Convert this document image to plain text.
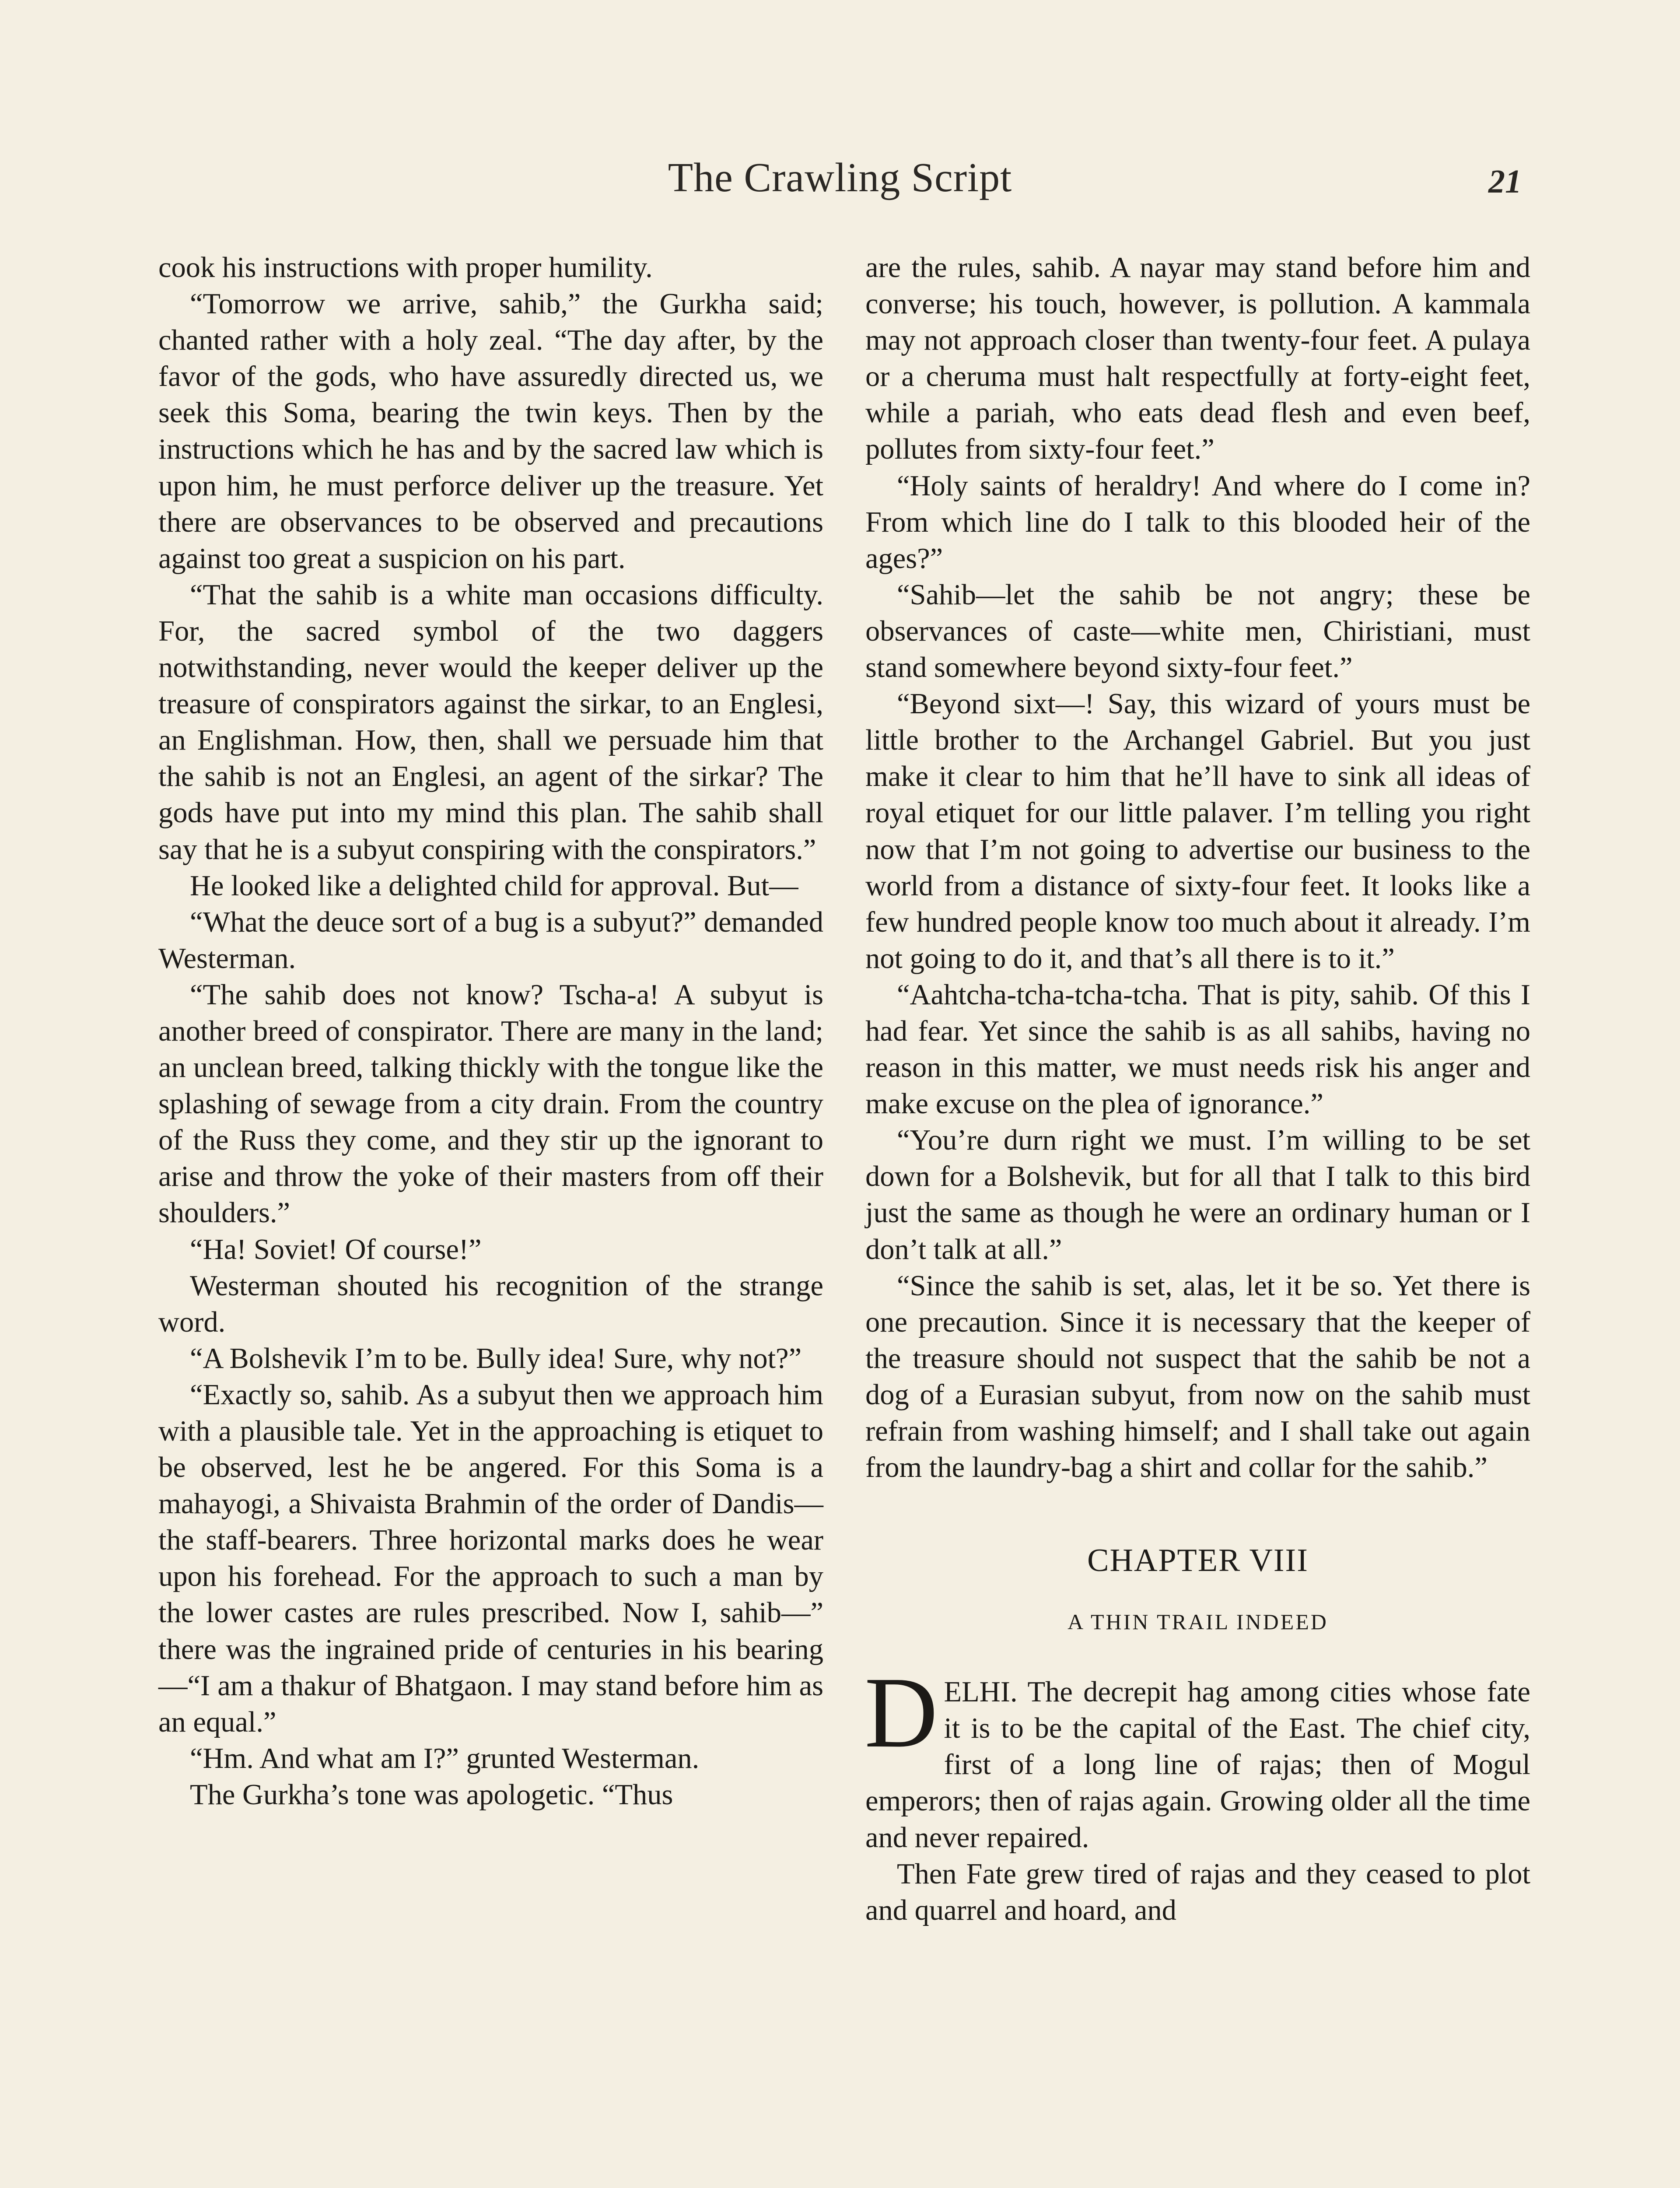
The Crawling Script	21

cook his instructions with proper humility.

“Tomorrow we arrive, sahib,” the Gurkha said; chanted rather with a holy zeal. “The day after, by the favor of the gods, who have assuredly directed us, we seek this Soma, bearing the twin keys. Then by the instructions which he has and by the sacred law which is upon him, he must perforce deliver up the treasure. Yet there are observances to be observed and precautions against too great a suspicion on his part.

“That the sahib is a white man occasions difficulty. For, the sacred symbol of the two daggers notwithstanding, never would the keeper deliver up the treasure of conspirators against the sirkar, to an Englesi, an Englishman. How, then, shall we persuade him that the sahib is not an Englesi, an agent of the sirkar? The gods have put into my mind this plan. The sahib shall say that he is a subyut conspiring with the conspirators.”

He looked like a delighted child for approval. But—

“What the deuce sort of a bug is a subyut?” demanded Westerman.

“The sahib does not know? Tscha-a! A subyut is another breed of conspirator. There are many in the land; an unclean breed, talking thickly with the tongue like the splashing of sewage from a city drain. From the country of the Russ they come, and they stir up the ignorant to arise and throw the yoke of their masters from off their shoulders.”

“Ha! Soviet! Of course!”

Westerman shouted his recognition of the strange word.

“A Bolshevik I’m to be. Bully idea! Sure, why not?”

“Exactly so, sahib. As a subyut then we approach him with a plausible tale. Yet in the approaching is etiquet to be observed, lest he be angered. For this Soma is a mahayogi, a Shivaista Brahmin of the order of Dandis—the staff-bearers. Three horizontal marks does he wear upon his forehead. For the approach to such a man by the lower castes are rules prescribed. Now I, sahib—” there was the ingrained pride of centuries in his bearing—“I am a thakur of Bhatgaon. I may stand before him as an equal.”

“Hm. And what am I?” grunted Westerman.

The Gurkha’s tone was apologetic. “Thus

are the rules, sahib. A nayar may stand before him and converse; his touch, however, is pollution. A kammala may not approach closer than twenty-four feet. A pulaya or a cheruma must halt respectfully at forty-eight feet, while a pariah, who eats dead flesh and even beef, pollutes from sixty-four feet.”

“Holy saints of heraldry! And where do I come in? From which line do I talk to this blooded heir of the ages?”

“Sahib—let the sahib be not angry; these be observances of caste—white men, Chiristiani, must stand somewhere beyond sixty-four feet.”

“Beyond sixt—! Say, this wizard of yours must be little brother to the Archangel Gabriel. But you just make it clear to him that he’ll have to sink all ideas of royal etiquet for our little palaver. I’m telling you right now that I’m not going to advertise our business to the world from a distance of sixty-four feet. It looks like a few hundred people know too much about it already. I’m not going to do it, and that’s all there is to it.”

“Aahtcha-tcha-tcha-tcha. That is pity, sahib. Of this I had fear. Yet since the sahib is as all sahibs, having no reason in this matter, we must needs risk his anger and make excuse on the plea of ignorance.”

“You’re durn right we must. I’m willing to be set down for a Bolshevik, but for all that I talk to this bird just the same as though he were an ordinary human or I don’t talk at all.”

“Since the sahib is set, alas, let it be so. Yet there is one precaution. Since it is necessary that the keeper of the treasure should not suspect that the sahib be not a dog of a Eurasian subyut, from now on the sahib must refrain from washing himself; and I shall take out again from the laundry-bag a shirt and collar for the sahib.”

CHAPTER VIII
A THIN TRAIL INDEED

DELHI. The decrepit hag among cities whose fate it is to be the capital of the East. The chief city, first of a long line of rajas; then of Mogul emperors; then of rajas again. Growing older all the time and never repaired.

Then Fate grew tired of rajas and they ceased to plot and quarrel and hoard, and
